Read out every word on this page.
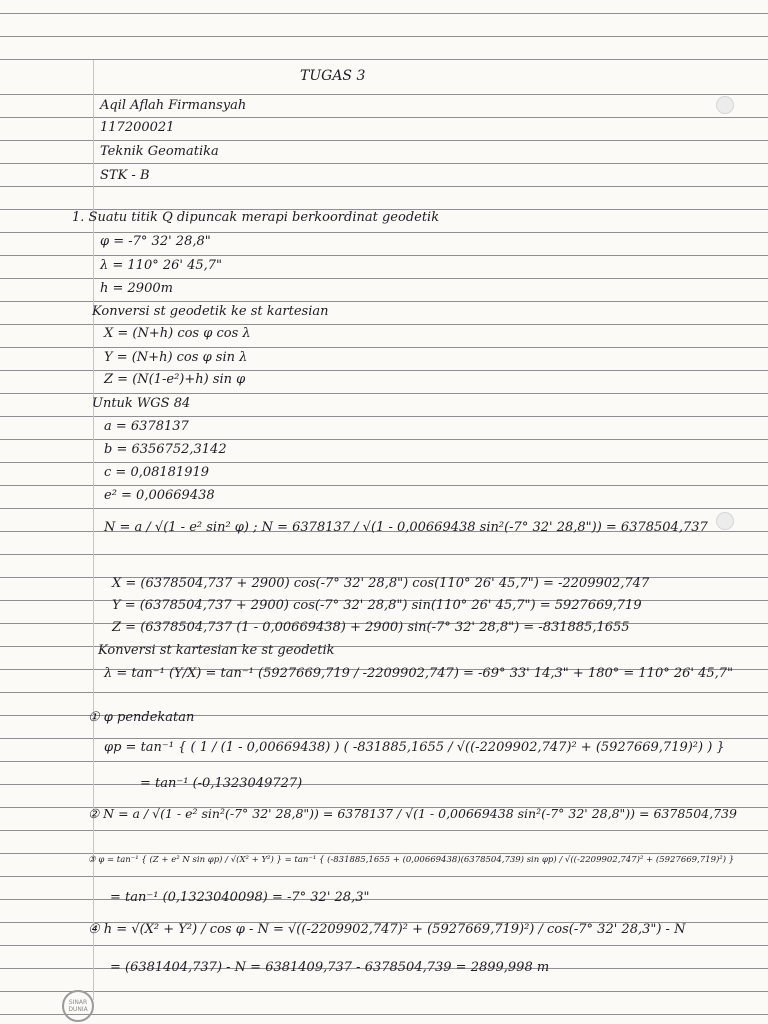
TUGAS 3

Aqil Aflah Firmansyah

117200021

Teknik Geomatika

STK - B

1. Suatu titik Q dipuncak merapi berkoordinat geodetik

φ = -7° 32' 28,8"

λ = 110° 26' 45,7"

h = 2900m

Konversi st geodetik ke st kartesian

X = (N+h) cos φ cos λ

Y = (N+h) cos φ sin λ

Z = (N(1-e²)+h) sin φ

Untuk WGS 84

a = 6378137

b = 6356752,3142

c = 0,08181919

e² = 0,00669438

N = a / √(1 - e² sin² φ) ; N = 6378137 / √(1 - 0,00669438 sin²(-7° 32' 28,8")) = 6378504,737

X = (6378504,737 + 2900) cos(-7° 32' 28,8") cos(110° 26' 45,7") = -2209902,747

Y = (6378504,737 + 2900) cos(-7° 32' 28,8") sin(110° 26' 45,7") = 5927669,719

Z = (6378504,737 (1 - 0,00669438) + 2900) sin(-7° 32' 28,8") = -831885,1655

Konversi st kartesian ke st geodetik

λ = tan⁻¹ (Y/X) = tan⁻¹ (5927669,719 / -2209902,747) = -69° 33' 14,3" + 180° = 110° 26' 45,7"

① φ pendekatan

φp = tan⁻¹ { ( 1 / (1 - 0,00669438) ) ( -831885,1655 / √((-2209902,747)² + (5927669,719)²) ) }

= tan⁻¹ (-0,1323049727)

② N = a / √(1 - e² sin²(-7° 32' 28,8")) = 6378137 / √(1 - 0,00669438 sin²(-7° 32' 28,8")) = 6378504,739

③ φ = tan⁻¹ { (Z + e² N sin φp) / √(X² + Y²) } = tan⁻¹ { (-831885,1655 + (0,00669438)(6378504,739) sin φp) / √((-2209902,747)² + (5927669,719)²) }

= tan⁻¹ (0,1323040098) = -7° 32' 28,3"

④ h = √(X² + Y²) / cos φ - N = √((-2209902,747)² + (5927669,719)²) / cos(-7° 32' 28,3") - N

= (6381404,737) - N = 6381409,737 - 6378504,739 = 2899,998 m

SINAR DUNIA
